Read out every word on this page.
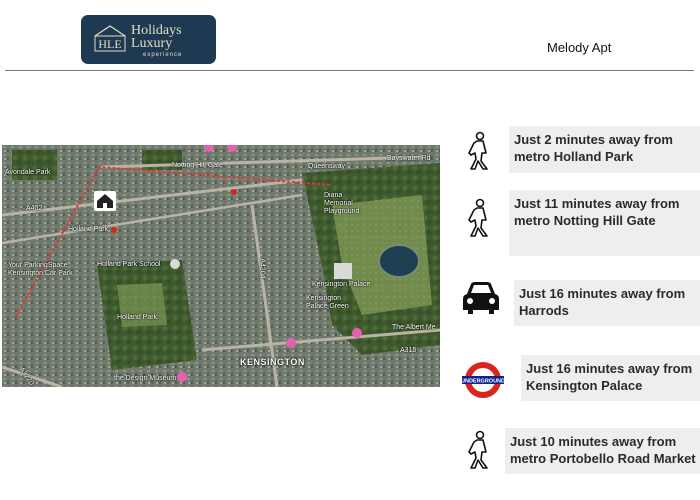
HLE
Holidays
Luxury
experience	Melody Apt
Queensway
Bayswater Rd
Notting Hill Gate
Avondale Park
Holland Park
Holland Park School
Holland Park
Diana Memorial Playground
Kensington Palace
Kensington Palace Green
KENSINGTON
The Albert Me
the Design Museum
Your ParkingSpace Kensington Car Park	A4204
A315
A3220
A402
Just 2 minutes away from
metro Holland Park
Just 11 minutes away from
metro Notting Hill Gate
Just 16 minutes away from
Harrods
UNDERGROUND
Just 16 minutes away from
Kensington Palace
Just 10 minutes away from
metro Portobello Road Market
